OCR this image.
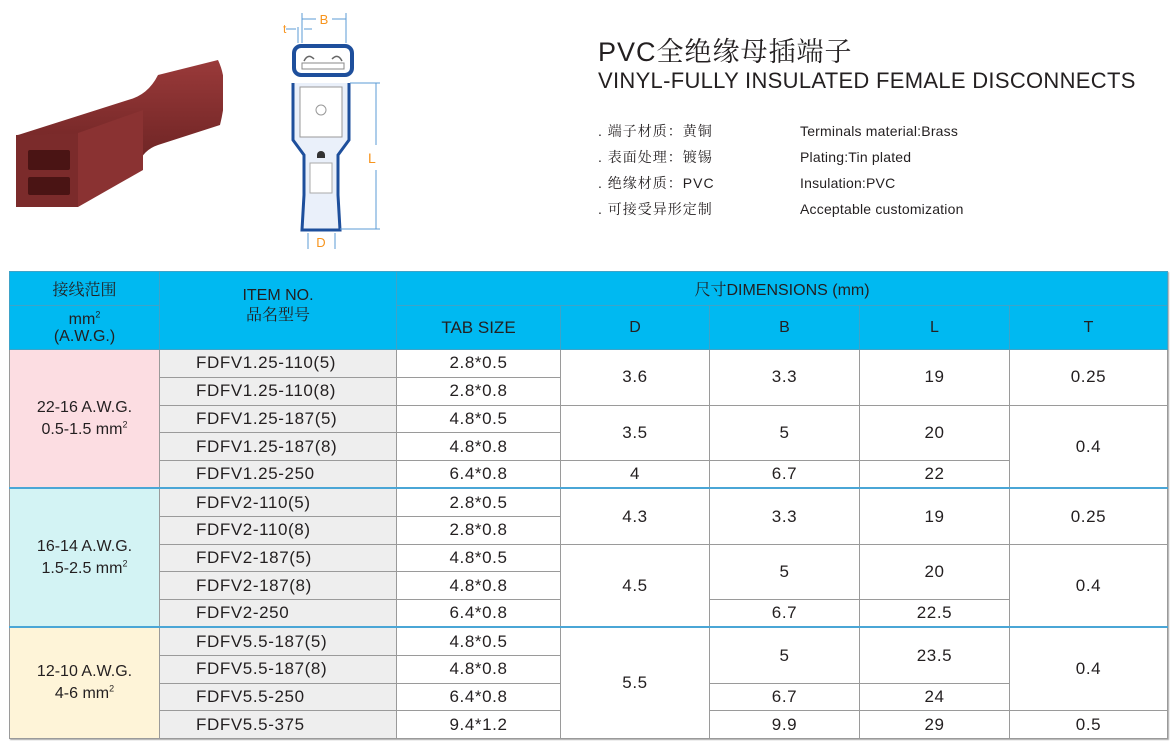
B
t
L
D
PVC全绝缘母插端子
VINYL-FULLY INSULATED FEMALE DISCONNECTS
. 端子材质：黄铜	Terminals material:Brass
. 表面处理：镀锡	Plating:Tin plated
. 绝缘材质：PVC	Insulation:PVC
. 可接受异形定制	Acceptable customization
接线范围	ITEM NO.
品名型号	尺寸DIMENSIONS (mm)				
$mm^2$
(A.W.G.)		TAB SIZE	D	B	L	T
22-16 A.W.G.
0.5-1.5 $mm^2$	FDFV1.25-110(5)	2.8*0.5	3.6	3.3	19	0.25
	FDFV1.25-110(8)	2.8*0.8				
	FDFV1.25-187(5)	4.8*0.5	3.5	5	20	0.4
	FDFV1.25-187(8)	4.8*0.8				
	FDFV1.25-250	6.4*0.8	4	6.7	22	
16-14 A.W.G.
1.5-2.5 $mm^2$	FDFV2-110(5)	2.8*0.5	4.3	3.3	19	0.25
	FDFV2-110(8)	2.8*0.8				
	FDFV2-187(5)	4.8*0.5	4.5	5	20	0.4
	FDFV2-187(8)	4.8*0.8				
	FDFV2-250	6.4*0.8		6.7	22.5	
12-10 A.W.G.
4-6 $mm^2$	FDFV5.5-187(5)	4.8*0.5	5.5	5	23.5	0.4
	FDFV5.5-187(8)	4.8*0.8				
	FDFV5.5-250	6.4*0.8		6.7	24	
	FDFV5.5-375	9.4*1.2		9.9	29	0.5
